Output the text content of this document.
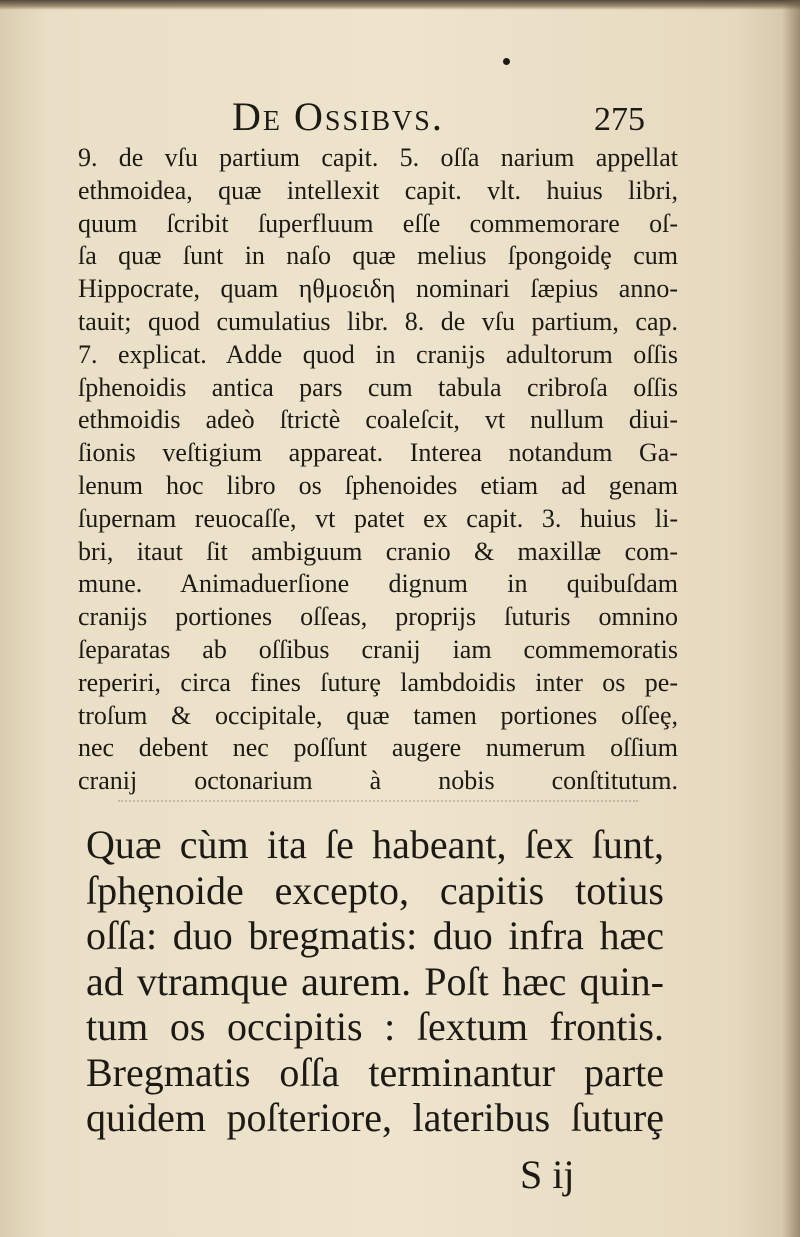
De Ossibvs.	275
9. de vſu partium capit. 5. oſſa narium appellat
ethmoidea, quæ intellexit capit. vlt. huius libri,
quum ſcribit ſuperfluum eſſe commemorare oſ-
ſa quæ ſunt in naſo quæ melius ſpongoidȩ cum
Hippocrate, quam ηθμοειδη nominari ſæpius anno-
tauit; quod cumulatius libr. 8. de vſu partium, cap.
7. explicat. Adde quod in cranijs adultorum oſſis
ſphenoidis antica pars cum tabula cribroſa oſſis
ethmoidis adeò ſtrictè coaleſcit, vt nullum diui-
ſionis veſtigium appareat. Interea notandum Ga-
lenum hoc libro os ſphenoides etiam ad genam
ſupernam reuocaſſe, vt patet ex capit. 3. huius li-
bri, itaut ſit ambiguum cranio & maxillæ com-
mune. Animaduerſione dignum in quibuſdam
cranijs portiones oſſeas, proprijs ſuturis omnino
ſeparatas ab oſſibus cranij iam commemoratis
reperiri, circa fines ſuturȩ lambdoidis inter os pe-
troſum & occipitale, quæ tamen portiones oſſeȩ,
nec debent nec poſſunt augere numerum oſſium
cranij octonarium à nobis conſtitutum.
Quæ cùm ita ſe habeant, ſex ſunt,
ſphȩnoide excepto, capitis totius
oſſa: duo bregmatis: duo infra hæc
ad vtramque aurem. Poſt hæc quin-
tum os occipitis : ſextum frontis.
Bregmatis oſſa terminantur parte
quidem poſteriore, lateribus ſuturȩ
S ij
